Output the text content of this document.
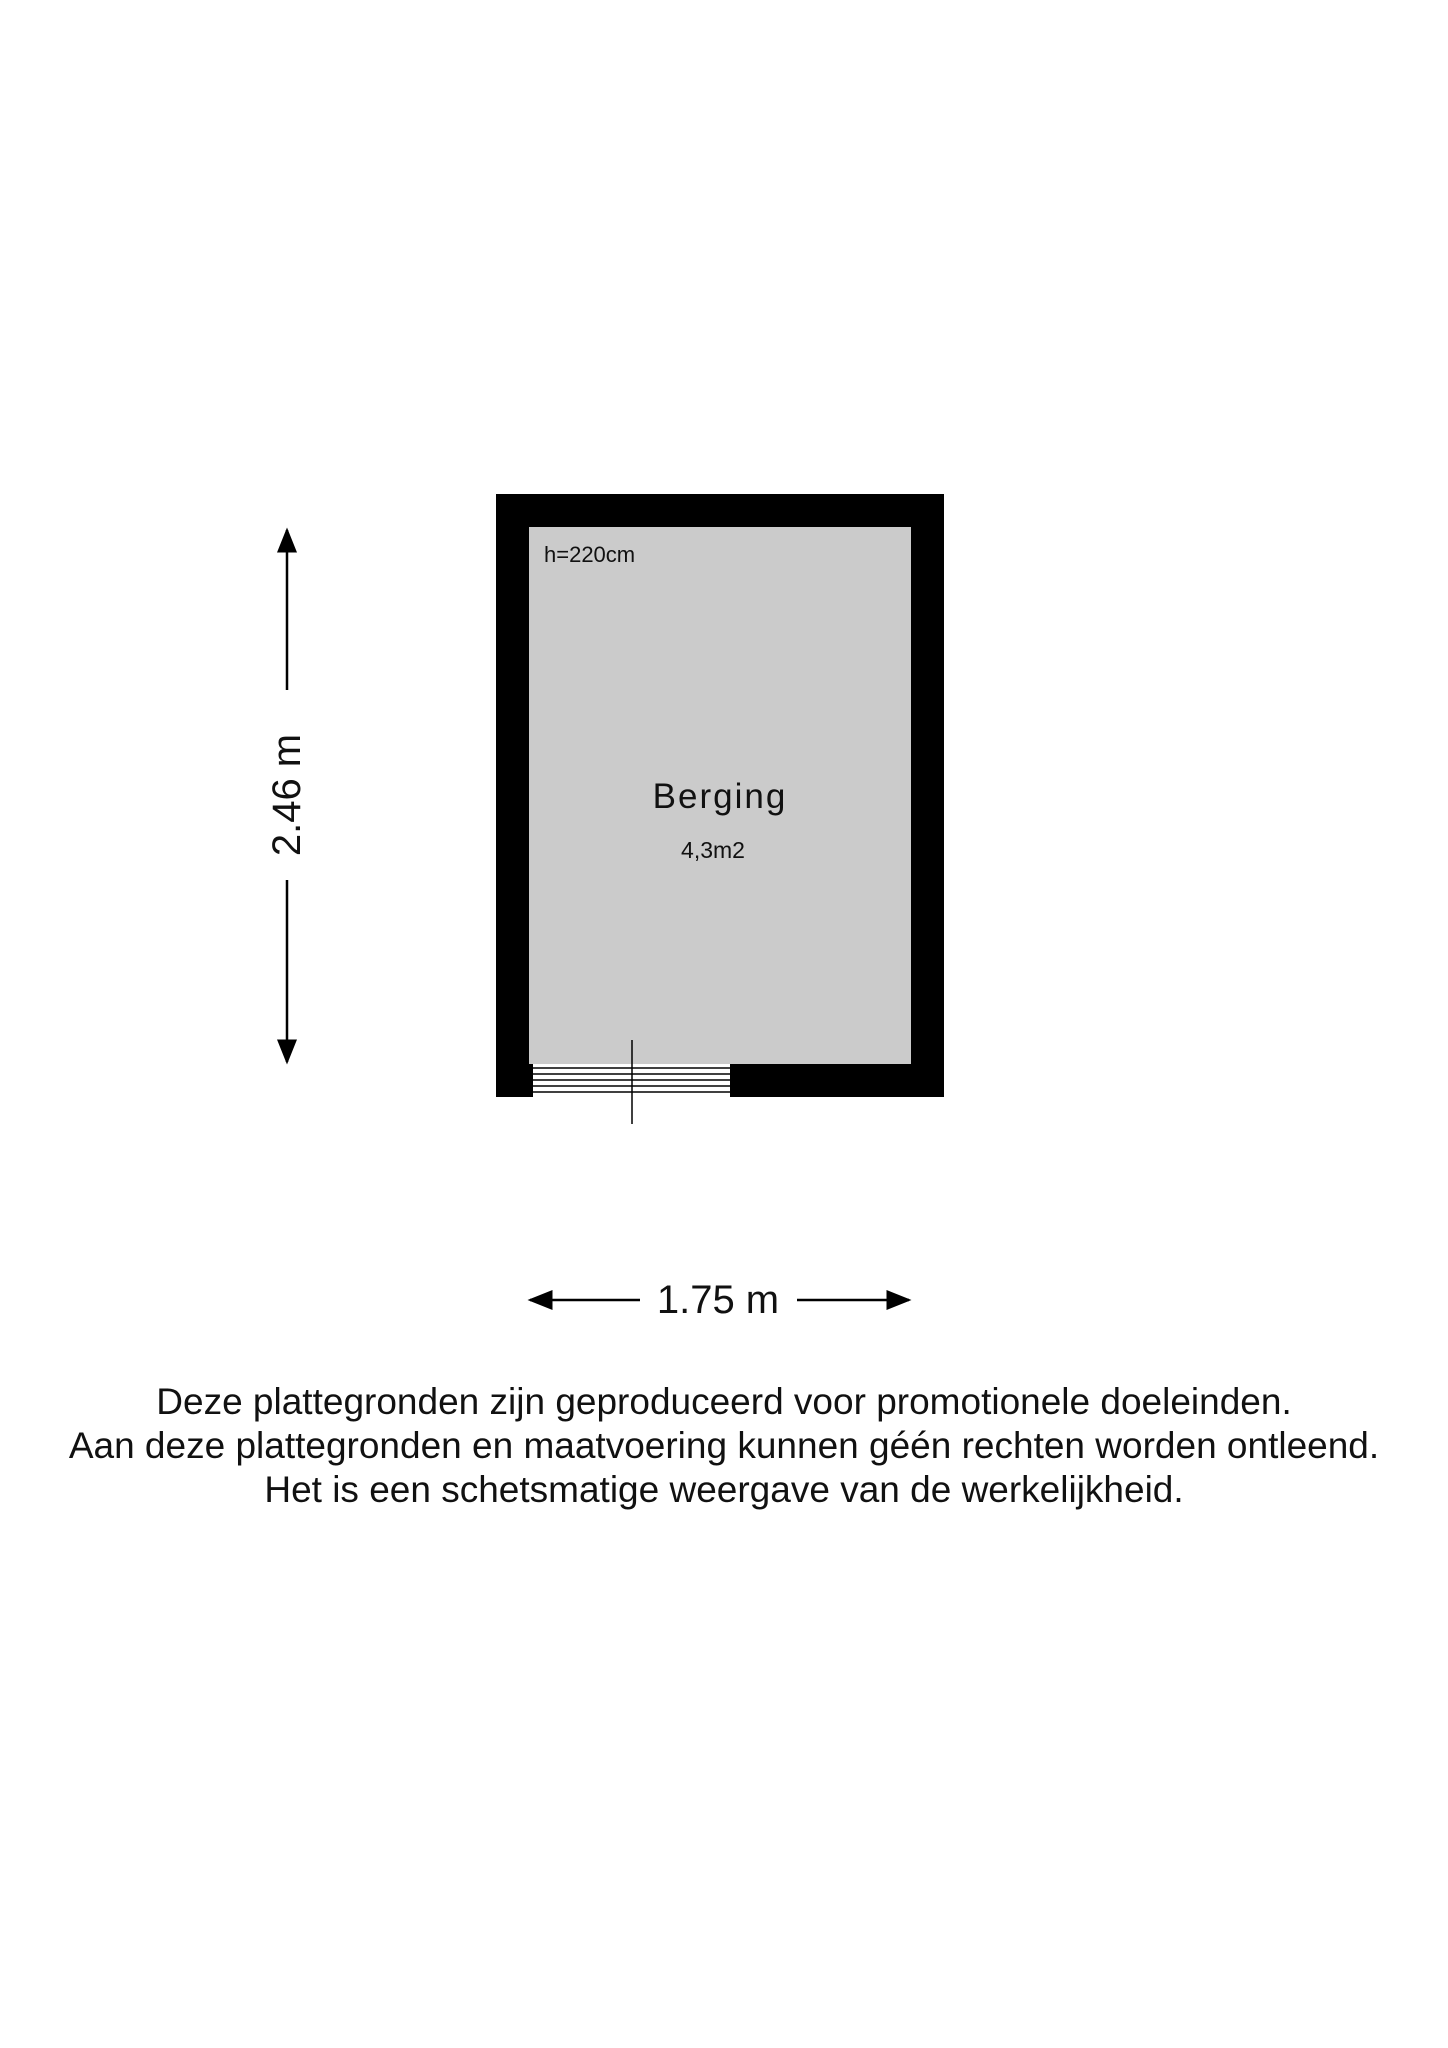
h=220cm
Berging
4,3m2
2.46 m
1.75 m
Deze plattegronden zijn geproduceerd voor promotionele doeleinden.
Aan deze plattegronden en maatvoering kunnen géén rechten worden ontleend.
Het is een schetsmatige weergave van de werkelijkheid.
